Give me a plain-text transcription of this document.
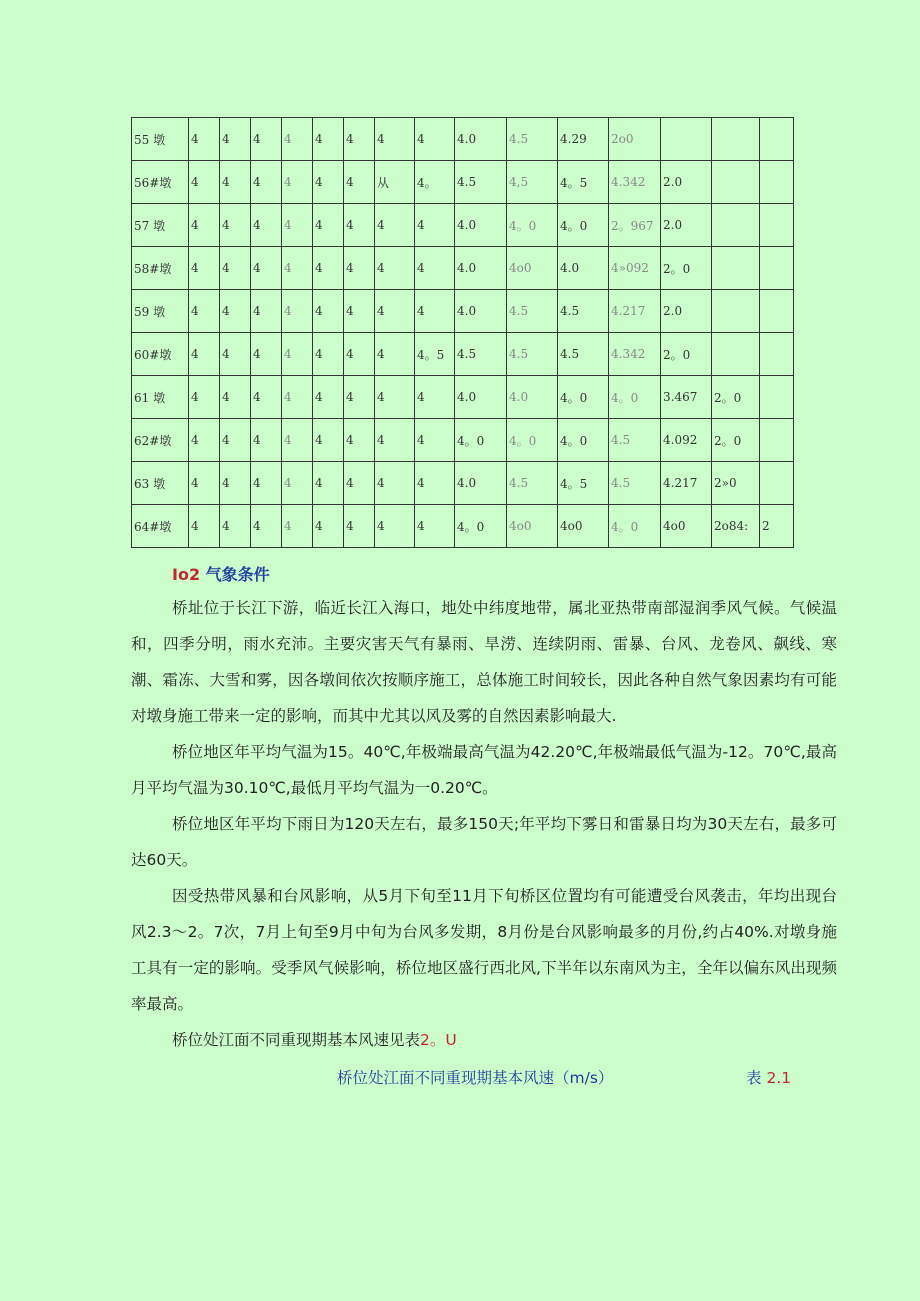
55 墩	4	4	4	4	4	4	4	4	4.0	4.5	4.29	2o0			
56#墩	4	4	4	4	4	4	从	4。	4.5	4,5	4。5	4.342	2.0		
57 墩	4	4	4	4	4	4	4	4	4.0	4。0	4。0	2。967	2.0		
58#墩	4	4	4	4	4	4	4	4	4.0	4o0	4.0	4»092	2。0		
59 墩	4	4	4	4	4	4	4	4	4.0	4.5	4.5	4.217	2.0		
60#墩	4	4	4	4	4	4	4	4。5	4.5	4.5	4.5	4.342	2。0		
61 墩	4	4	4	4	4	4	4	4	4.0	4.0	4。0	4。0	3.467	2。0	
62#墩	4	4	4	4	4	4	4	4	4。0	4。0	4。0	4.5	4.092	2。0	
63 墩	4	4	4	4	4	4	4	4	4.0	4.5	4。5	4.5	4.217	2»0	
64#墩	4	4	4	4	4	4	4	4	4。0	4o0	4o0	4。0	4o0	2o84:	2
Io2 气象条件

桥址位于长江下游，临近长江入海口，地处中纬度地带，属北亚热带南部湿润季风气候。气候温和，四季分明，雨水充沛。主要灾害天气有暴雨、旱涝、连续阴雨、雷暴、台风、龙卷风、飙线、寒潮、霜冻、大雪和雾，因各墩间依次按顺序施工，总体施工时间较长，因此各种自然气象因素均有可能对墩身施工带来一定的影响，而其中尤其以风及雾的自然因素影响最大.

桥位地区年平均气温为15。40℃,年极端最高气温为42.20℃,年极端最低气温为-12。70℃,最高月平均气温为30.10℃,最低月平均气温为一0.20℃。

桥位地区年平均下雨日为120天左右，最多150天;年平均下雾日和雷暴日均为30天左右，最多可达60天。

因受热带风暴和台风影响，从5月下旬至11月下旬桥区位置均有可能遭受台风袭击，年均出现台风2.3〜2。7次，7月上旬至9月中旬为台风多发期，8月份是台风影响最多的月份,约占40%.对墩身施工具有一定的影响。受季风气候影响，桥位地区盛行西北风,下半年以东南风为主，全年以偏东风出现频率最高。

桥位处江面不同重现期基本风速见表2。U

桥位处江面不同重现期基本风速（m/s）	表 2.1
